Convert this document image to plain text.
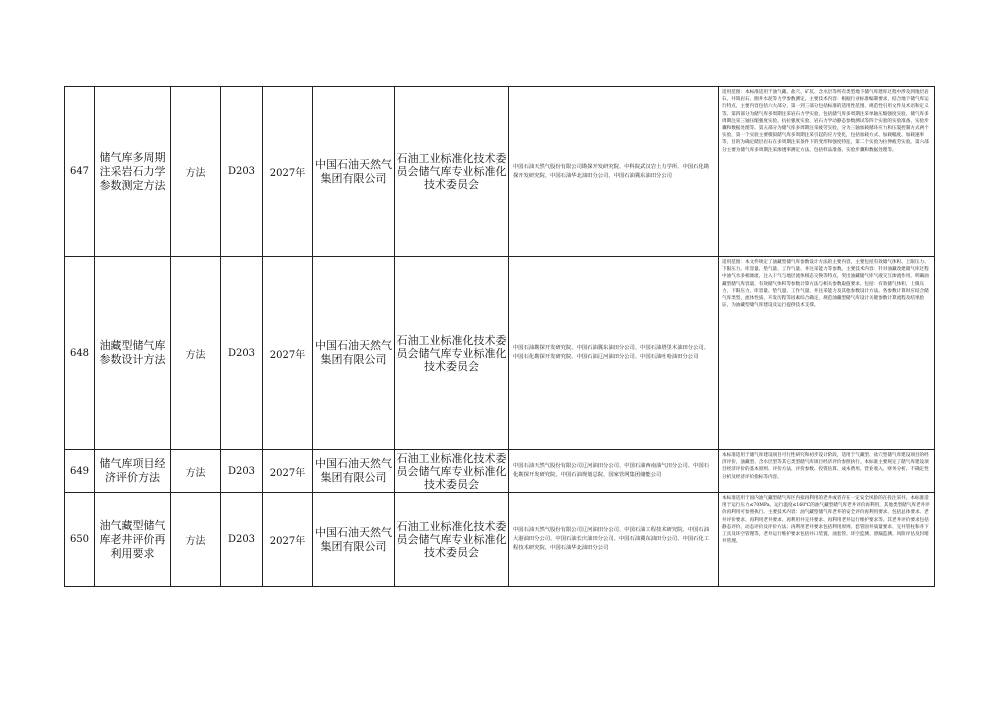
647	储气库多周期注采岩石力学参数测定方法	方法	D203	2027年	中国石油天然气集团有限公司	石油工业标准化技术委员会储气库专业标准化技术委员会	中国石油天然气股份有限公司勘探开发研究院、中科院武汉岩土力学所、中国石化勘探开发研究院、中国石油华北油田分公司、中国石油冀东油田分公司	适用范围：本标准适用于油气藏、盐穴、矿坑、含水层等所有类型地下储气库建库过程中涉及到地层岩石、井筒岩石、圈井水泥等力学参数测定。主要技术内容：根据行业标准编制要求，结合地下储气库运行特点，主要内容包括六大部分，第一到三部分包括标准的适用性范围、规范性引用文件及术语和定义等。第四部分为储气库多周期注采岩石力学实验，包括储气库多周期注采单轴压缩强度实验、储气库多周期注采三轴压缩强度实验、抗拉强度实验、岩石力学动静态参数测试等四个实验的实验准备、实验步骤和数据处理等。第五部分为储气库多周期注采疲劳实验，分为三轴加载循环应力和压裂控制方式两个实验，第一个实验主要模拟储气库多周期注采引起的应力变化，包括加载方式、加载幅度、加载速率等，目的为确定储层岩石在多周期注采条件下的变形和强度特征，第二个实验为拉伸疲劳实验。第六部分主要为储气库多周期注采渗透率测定方法，包括样品准备、实验步骤和数据处理等。
648	油藏型储气库参数设计方法	方法	D203	2027年	中国石油天然气集团有限公司	石油工业标准化技术委员会储气库专业标准化技术委员会	中国石油勘探开发研究院、中国石油冀东油田分公司、中国石油塔里木油田分公司、中国石化勘探开发研究院、中国石油辽河油田分公司、中国石油吐哈油田分公司	适用范围：本文件规定了油藏型储气库参数设计方法的主要内容，主要包括有效储气体积、上限压力、下限压力、库容量、垫气量、工作气量、井注采能力等参数。主要技术内容：针对油藏改建储气库过程中油气水多相渗流、注入干气与地层流体相态交换等特点，突出油藏储气库气液交互渗流作用，明确油藏型储气库容量、有效储气体积等参数计算方法与相关参数取值要求，包括：有效储气体积、上限压力、下限压力、库容量、垫气量、工作气量、井注采能力及其他参数设计方法。各参数计算时应结合储气库类型、流体性质、开发历程等因素综合确定，规范油藏型储气库设计关键参数计算流程及结果验证，为油藏型储气库建设及运行提供技术支撑。
649	储气库项目经济评价方法	方法	D203	2027年	中国石油天然气集团有限公司	石油工业标准化技术委员会储气库专业标准化技术委员会	中国石油天然气股份有限公司辽河油田分公司、中国石油西南油气田分公司、中国石化勘探开发研究院、中国石油规划总院、国家管网集团储能公司	本标准适用于储气库建设项目可行性研究和初步设计阶段，适用于气藏型、盐穴型储气库建设项目的经济评价，油藏型、含水层型等其它类型储气库项目经济评价参照执行。本标准主要规定了储气库建设项目经济评价的基本原则、评价方法、评价参数、投资估算、成本费用、营业收入、财务分析、不确定性分析及经济评价指标等内容。
650	油气藏型储气库老井评价再利用要求	方法	D203	2027年	中国石油天然气集团有限公司	石油工业标准化技术委员会储气库专业标准化技术委员会	中国石油天然气股份有限公司辽河油田分公司、中国石油工程技术研究院、中国石油大港油田分公司、中国石油长庆油田分公司、中国石油冀东油田分公司、中国石化工程技术研究院、中国石油华北油田分公司	本标准适用于国内油气藏型储气库区内拟再利用的老井或者存在一定安全风险的在役注采井。本标准适用于运行压力≤70MPa、运行温度≤160℃的油气藏型储气库老井评价再利用，其他类型储气库老井评价再利用可参照执行。主要技术内容：油气藏型储气库老井的安全评价再利用要求，包括总体要求、老井评价要求、再利用老井要求、再利用井完井要求、再利用老井运行维护要求等。其老井评价要求包括静态评价、动态评价及评价方法；再利用老井要求包括利用原则、套管固井质量要求、完井管柱和井下工具及环空管理等，老井运行维护要求包括井口装置、油套管、环空监测、泄漏监测、风险评估及封堵井管理。
